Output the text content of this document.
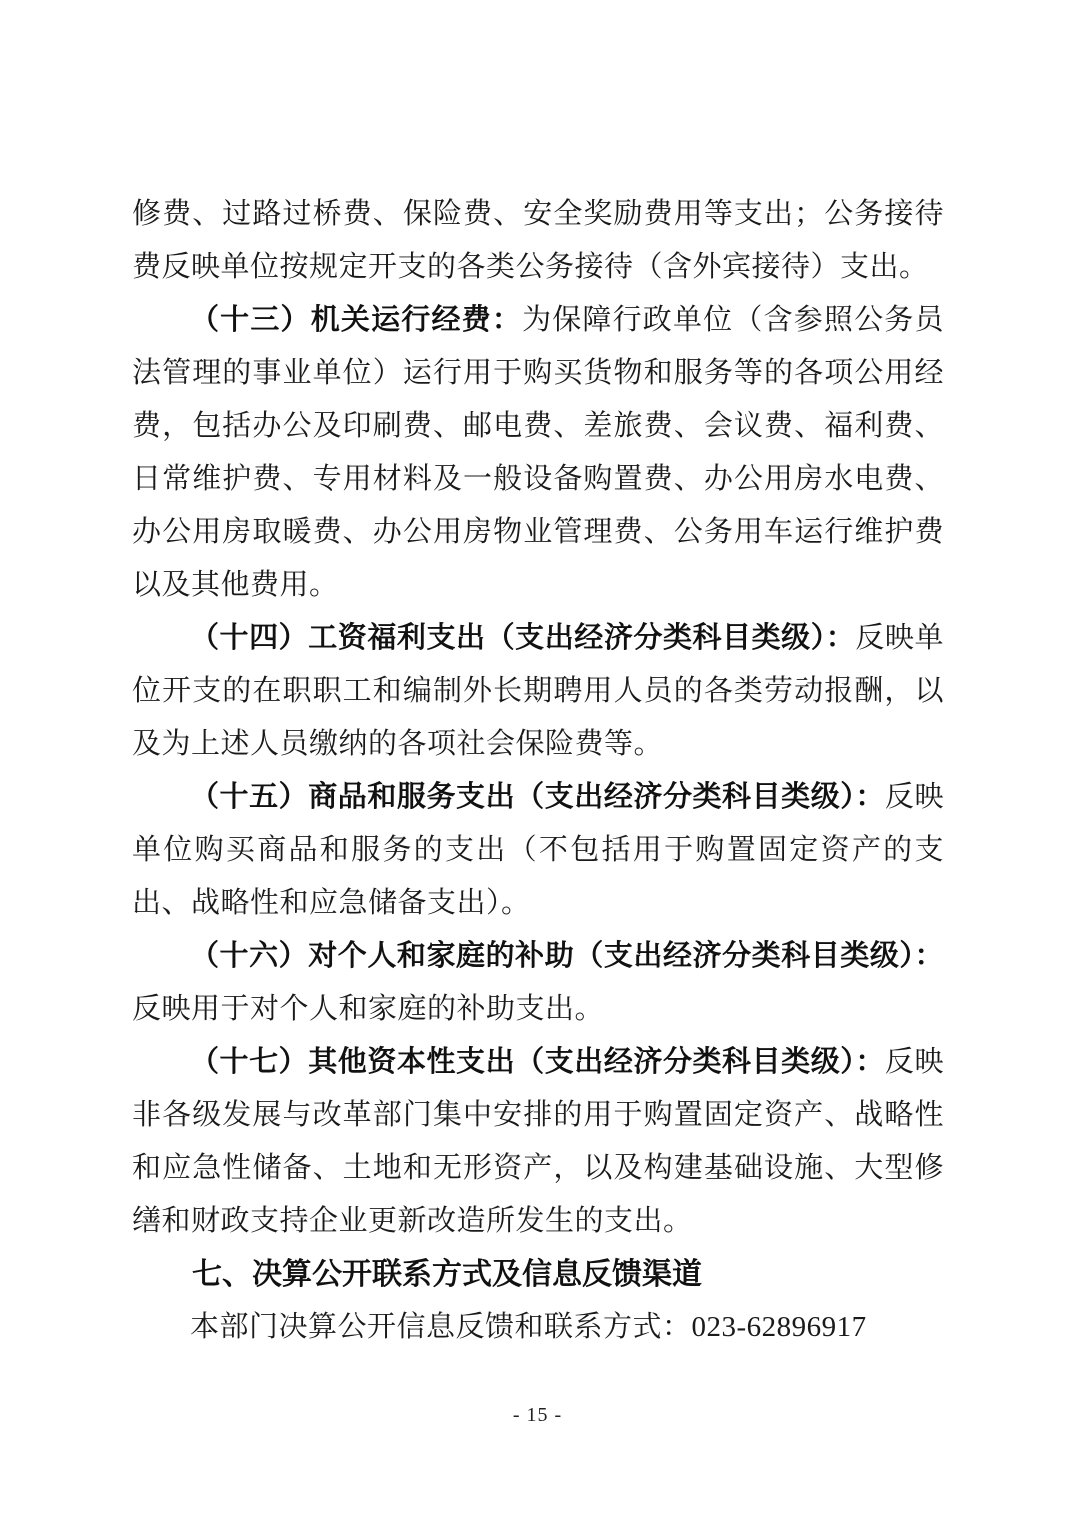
修费、过路过桥费、保险费、安全奖励费用等支出；公务接待费反映单位按规定开支的各类公务接待（含外宾接待）支出。

（十三）机关运行经费：为保障行政单位（含参照公务员法管理的事业单位）运行用于购买货物和服务等的各项公用经费，包括办公及印刷费、邮电费、差旅费、会议费、福利费、日常维护费、专用材料及一般设备购置费、办公用房水电费、办公用房取暖费、办公用房物业管理费、公务用车运行维护费以及其他费用。

（十四）工资福利支出（支出经济分类科目类级）：反映单位开支的在职职工和编制外长期聘用人员的各类劳动报酬，以及为上述人员缴纳的各项社会保险费等。

（十五）商品和服务支出（支出经济分类科目类级）：反映单位购买商品和服务的支出（不包括用于购置固定资产的支出、战略性和应急储备支出）。

（十六）对个人和家庭的补助（支出经济分类科目类级）：反映用于对个人和家庭的补助支出。

（十七）其他资本性支出（支出经济分类科目类级）：反映非各级发展与改革部门集中安排的用于购置固定资产、战略性和应急性储备、土地和无形资产，以及构建基础设施、大型修缮和财政支持企业更新改造所发生的支出。

七、决算公开联系方式及信息反馈渠道

本部门决算公开信息反馈和联系方式：023-62896917

- 15 -
